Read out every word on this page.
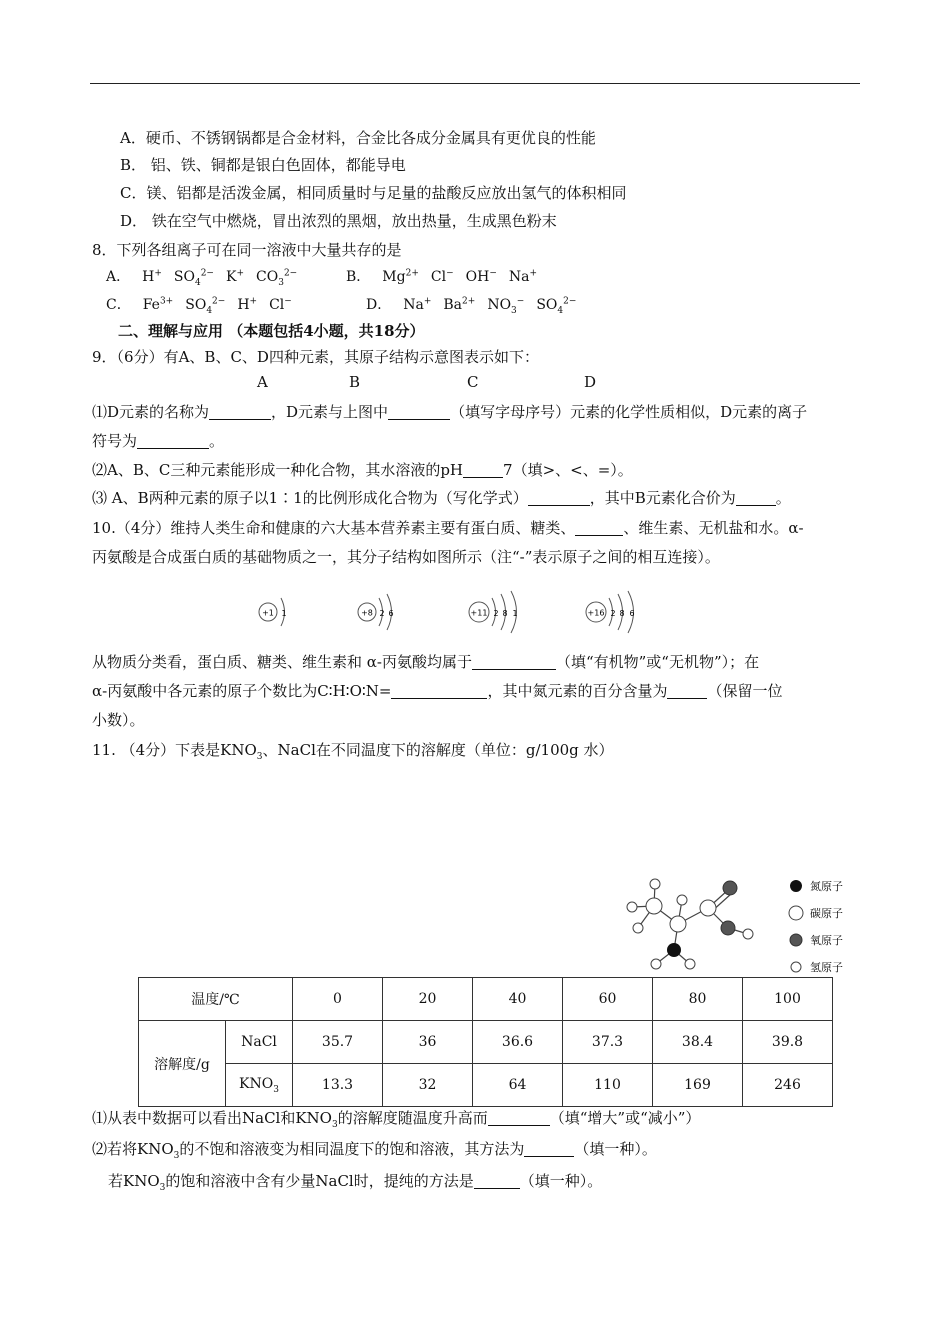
A．硬币、不锈钢锅都是合金材料，合金比各成分金属具有更优良的性能
B． 铝、铁、铜都是银白色固体，都能导电
C．镁、铝都是活泼金属，相同质量时与足量的盐酸反应放出氢气的体积相同
D． 铁在空气中燃烧，冒出浓烈的黑烟，放出热量，生成黑色粉末
8．下列各组离子可在同一溶液中大量共存的是
A． H+ $SO_4^{2-}$ K+ $CO_3^{2-}$	B． $Mg^{2+}$ Cl− OH− Na+
C． $Fe^{3+}$ $SO_4^{2-}$ H+ Cl−	D． Na+ $Ba^{2+}$ $NO_3^-$ $SO_4^{2-}$
二、理解与应用 （本题包括4小题，共18分）
9．（6分）有A、B、C、D四种元素，其原子结构示意图表示如下：
A	B	C	D
⑴D元素的名称为	，D元素与上图中	（填写字母序号）元素的化学性质相似，D元素的离子
符号为	。
⑵A、B、C三种元素能形成一种化合物，其水溶液的pH	7（填>、<、=）。
⑶ A、B两种元素的原子以1∶1的比例形成化合物为（写化学式）	，其中B元素化合价为	。
10.（4分）维持人类生命和健康的六大基本营养素主要有蛋白质、糖类、	、维生素、无机盐和水。α-
丙氨酸是合成蛋白质的基础物质之一，其分子结构如图所示（注“-”表示原子之间的相互连接）。
+1 1	+8 2 6	+11 2 8 1	+16 2 8 6
从物质分类看，蛋白质、糖类、维生素和 α-丙氨酸均属于	（填“有机物”或“无机物”）；在
α-丙氨酸中各元素的原子个数比为C∶H∶O∶N=	，其中氮元素的百分含量为	（保留一位
小数）。
11. （4分）下表是$KNO_3$、NaCl在不同温度下的溶解度（单位：g/100g 水）
氮原子
碳原子
氧原子
氢原子
温度/℃		0	20	40	60	80	100
溶解度/g	NaCl	35.7	36	36.6	37.3	38.4	39.8
	$KNO_3$	13.3	32	64	110	169	246
⑴从表中数据可以看出NaCl和$KNO_3$的溶解度随温度升高而	（填“增大”或“减小”）
⑵若将$KNO_3$的不饱和溶液变为相同温度下的饱和溶液，其方法为	（填一种）。
若$KNO_3$的饱和溶液中含有少量NaCl时，提纯的方法是	（填一种）。
